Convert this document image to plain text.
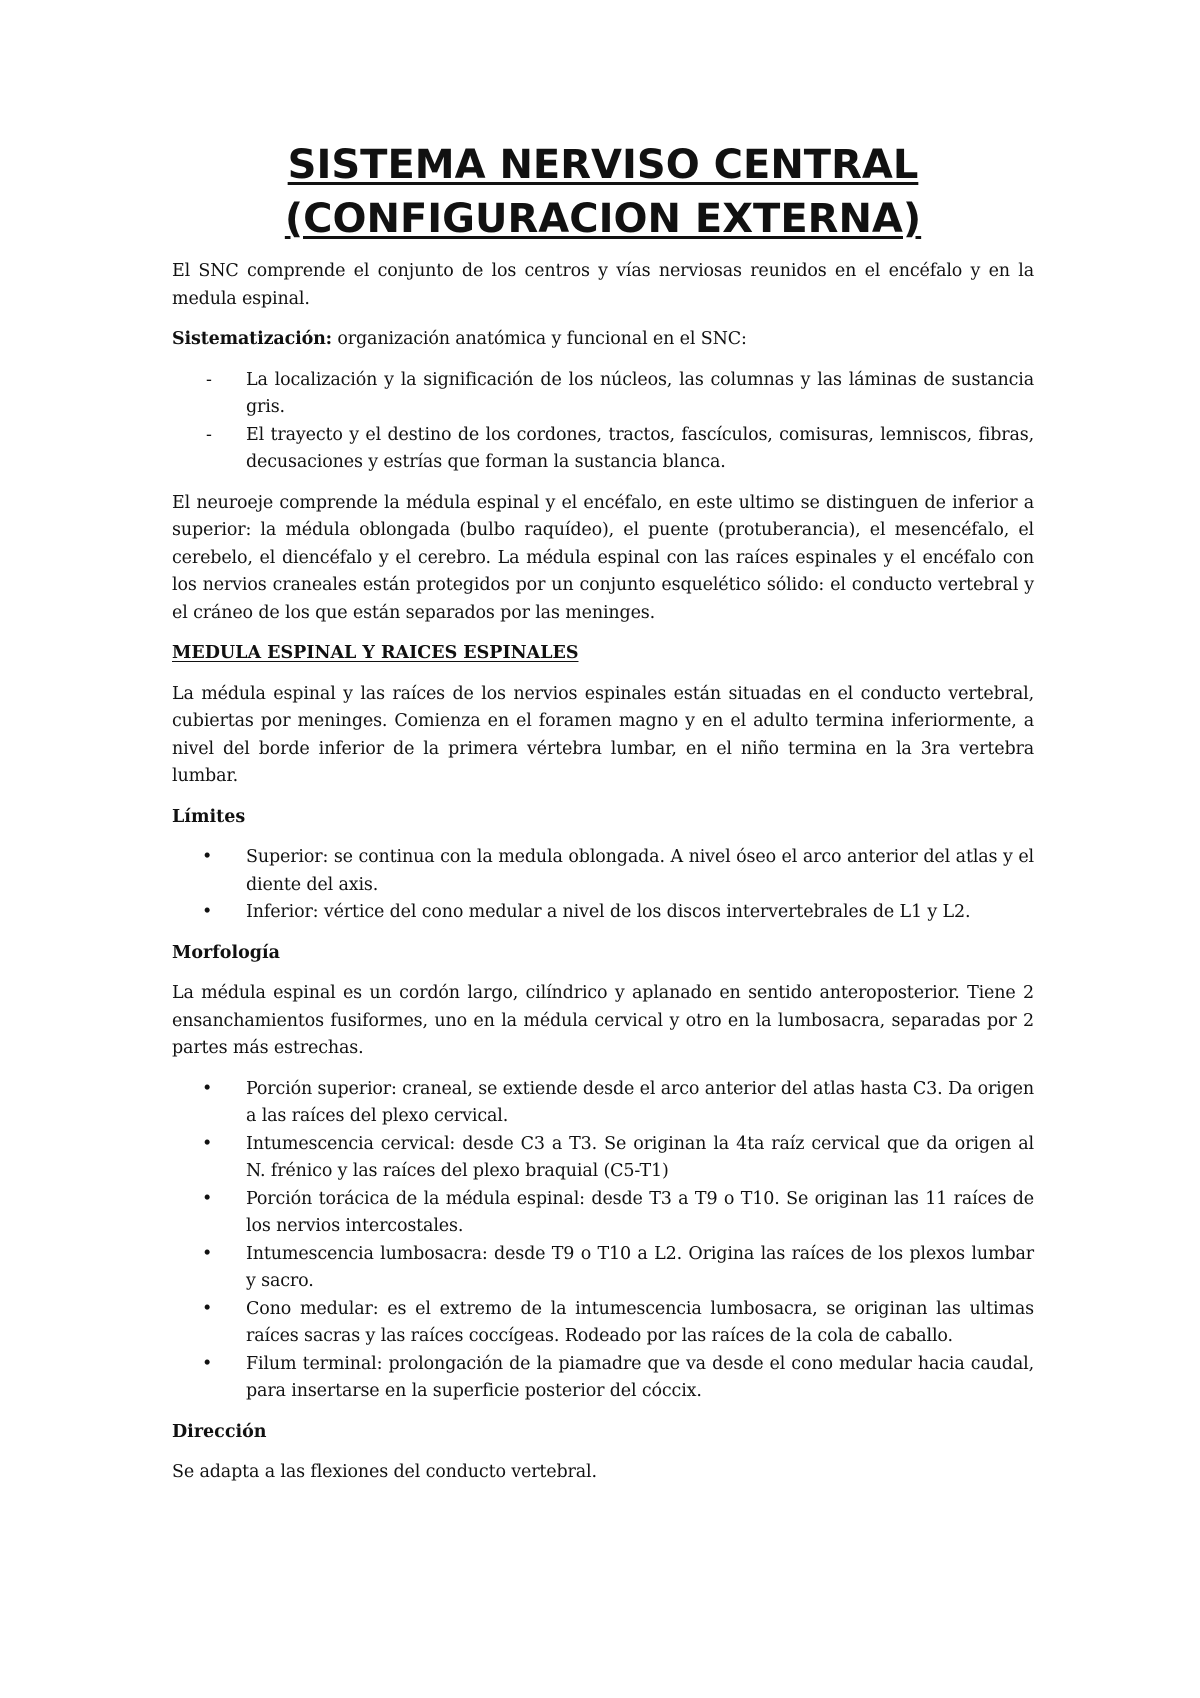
SISTEMA NERVISO CENTRAL
(CONFIGURACION EXTERNA)

El SNC comprende el conjunto de los centros y vías nerviosas reunidos en el encéfalo y en la medula espinal.

Sistematización: organización anatómica y funcional en el SNC:

- La localización y la significación de los núcleos, las columnas y las láminas de sustancia gris.
- El trayecto y el destino de los cordones, tractos, fascículos, comisuras, lemniscos, fibras, decusaciones y estrías que forman la sustancia blanca.

El neuroeje comprende la médula espinal y el encéfalo, en este ultimo se distinguen de inferior a superior: la médula oblongada (bulbo raquídeo), el puente (protuberancia), el mesencéfalo, el cerebelo, el diencéfalo y el cerebro. La médula espinal con las raíces espinales y el encéfalo con los nervios craneales están protegidos por un conjunto esquelético sólido: el conducto vertebral y el cráneo de los que están separados por las meninges.

MEDULA ESPINAL Y RAICES ESPINALES

La médula espinal y las raíces de los nervios espinales están situadas en el conducto vertebral, cubiertas por meninges. Comienza en el foramen magno y en el adulto termina inferiormente, a nivel del borde inferior de la primera vértebra lumbar, en el niño termina en la 3ra vertebra lumbar.

Límites
• Superior: se continua con la medula oblongada. A nivel óseo el arco anterior del atlas y el diente del axis.
• Inferior: vértice del cono medular a nivel de los discos intervertebrales de L1 y L2.
Morfología

La médula espinal es un cordón largo, cilíndrico y aplanado en sentido anteroposterior. Tiene 2 ensanchamientos fusiformes, uno en la médula cervical y otro en la lumbosacra, separadas por 2 partes más estrechas.

• Porción superior: craneal, se extiende desde el arco anterior del atlas hasta C3. Da origen a las raíces del plexo cervical.
• Intumescencia cervical: desde C3 a T3. Se originan la 4ta raíz cervical que da origen al N. frénico y las raíces del plexo braquial (C5-T1)
• Porción torácica de la médula espinal: desde T3 a T9 o T10. Se originan las 11 raíces de los nervios intercostales.
• Intumescencia lumbosacra: desde T9 o T10 a L2. Origina las raíces de los plexos lumbar y sacro.
• Cono medular: es el extremo de la intumescencia lumbosacra, se originan las ultimas raíces sacras y las raíces coccígeas. Rodeado por las raíces de la cola de caballo.
• Filum terminal: prolongación de la piamadre que va desde el cono medular hacia caudal, para insertarse en la superficie posterior del cóccix.
Dirección

Se adapta a las flexiones del conducto vertebral.
